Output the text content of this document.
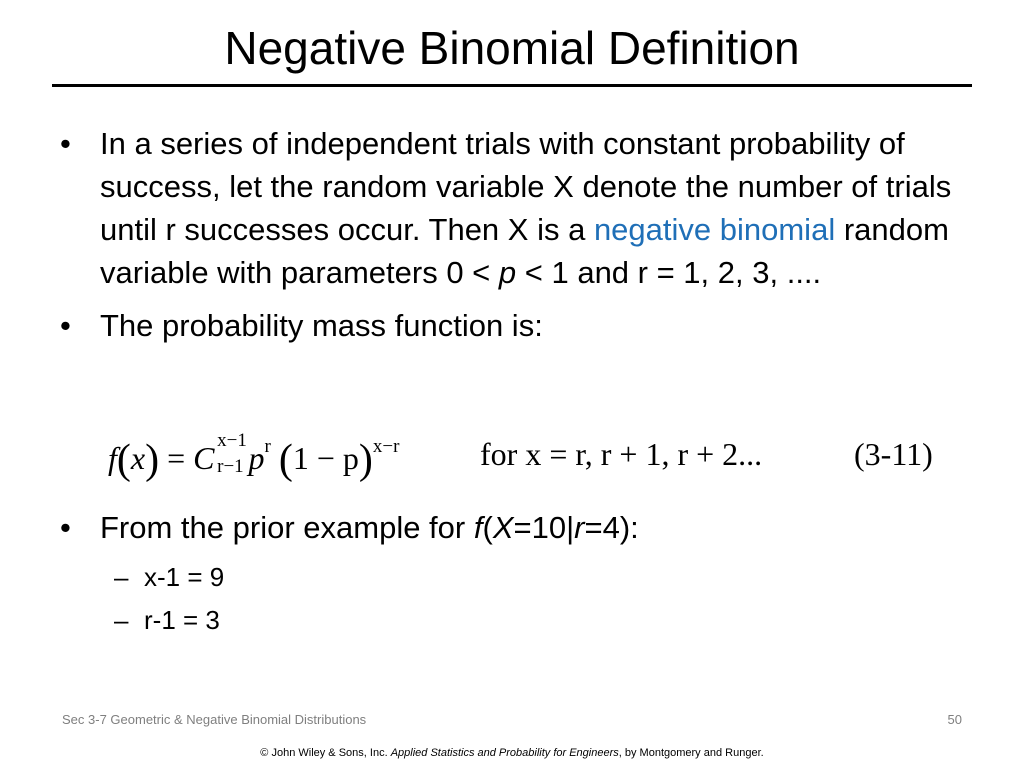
Negative Binomial Definition
• In a series of independent trials with constant probability of success, let the random variable X denote the number of trials until r successes occur. Then X is a negative binomial random variable with parameters 0 < p < 1 and r = 1, 2, 3, ....
• The probability mass function is:
f(x) = C x−1
r−1 $p^r$ $(1 - p)^{x-r}$	for x = r, r + 1, r + 2...	(3-11)
• From the prior example for f(X=10|r=4):
– x-1 = 9
– r-1 = 3
Sec 3-7 Geometric & Negative Binomial Distributions	50
© John Wiley & Sons, Inc. Applied Statistics and Probability for Engineers, by Montgomery and Runger.
